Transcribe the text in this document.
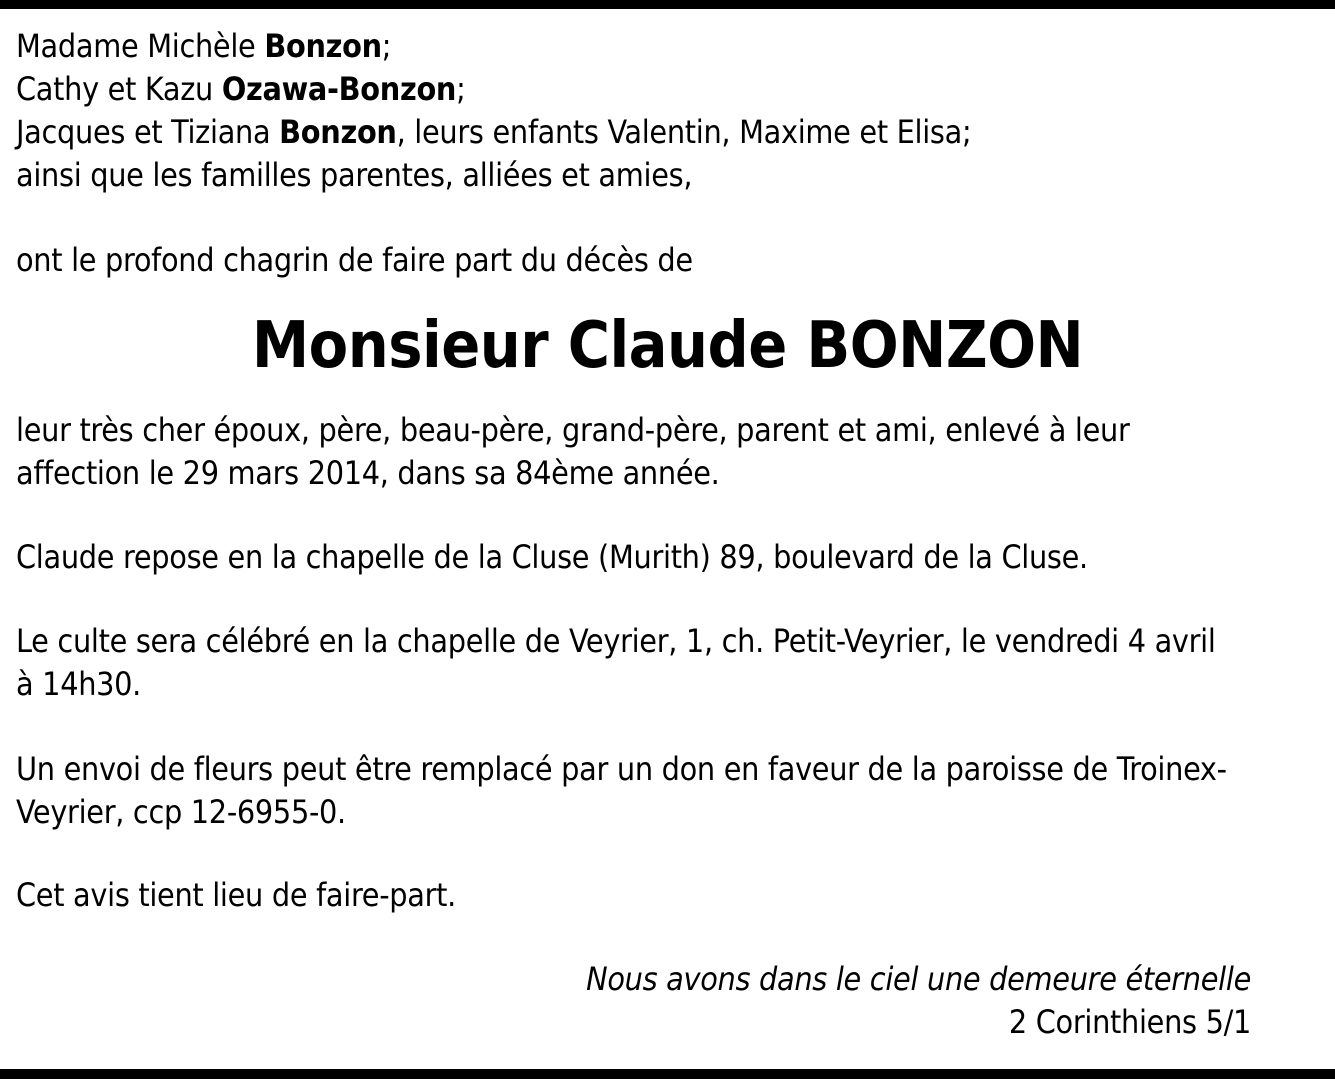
Madame Michèle Bonzon;
Cathy et Kazu Ozawa-Bonzon;
Jacques et Tiziana Bonzon, leurs enfants Valentin, Maxime et Elisa;
ainsi que les familles parentes, alliées et amies,
ont le profond chagrin de faire part du décès de
Monsieur Claude BONZON
leur très cher époux, père, beau-père, grand-père, parent et ami, enlevé à leur
affection le 29 mars 2014, dans sa 84ème année.
Claude repose en la chapelle de la Cluse (Murith) 89, boulevard de la Cluse.
Le culte sera célébré en la chapelle de Veyrier, 1, ch. Petit-Veyrier, le vendredi 4 avril
à 14h30.
Un envoi de fleurs peut être remplacé par un don en faveur de la paroisse de Troinex-
Veyrier, ccp 12-6955-0.
Cet avis tient lieu de faire-part.
Nous avons dans le ciel une demeure éternelle
2 Corinthiens 5/1
